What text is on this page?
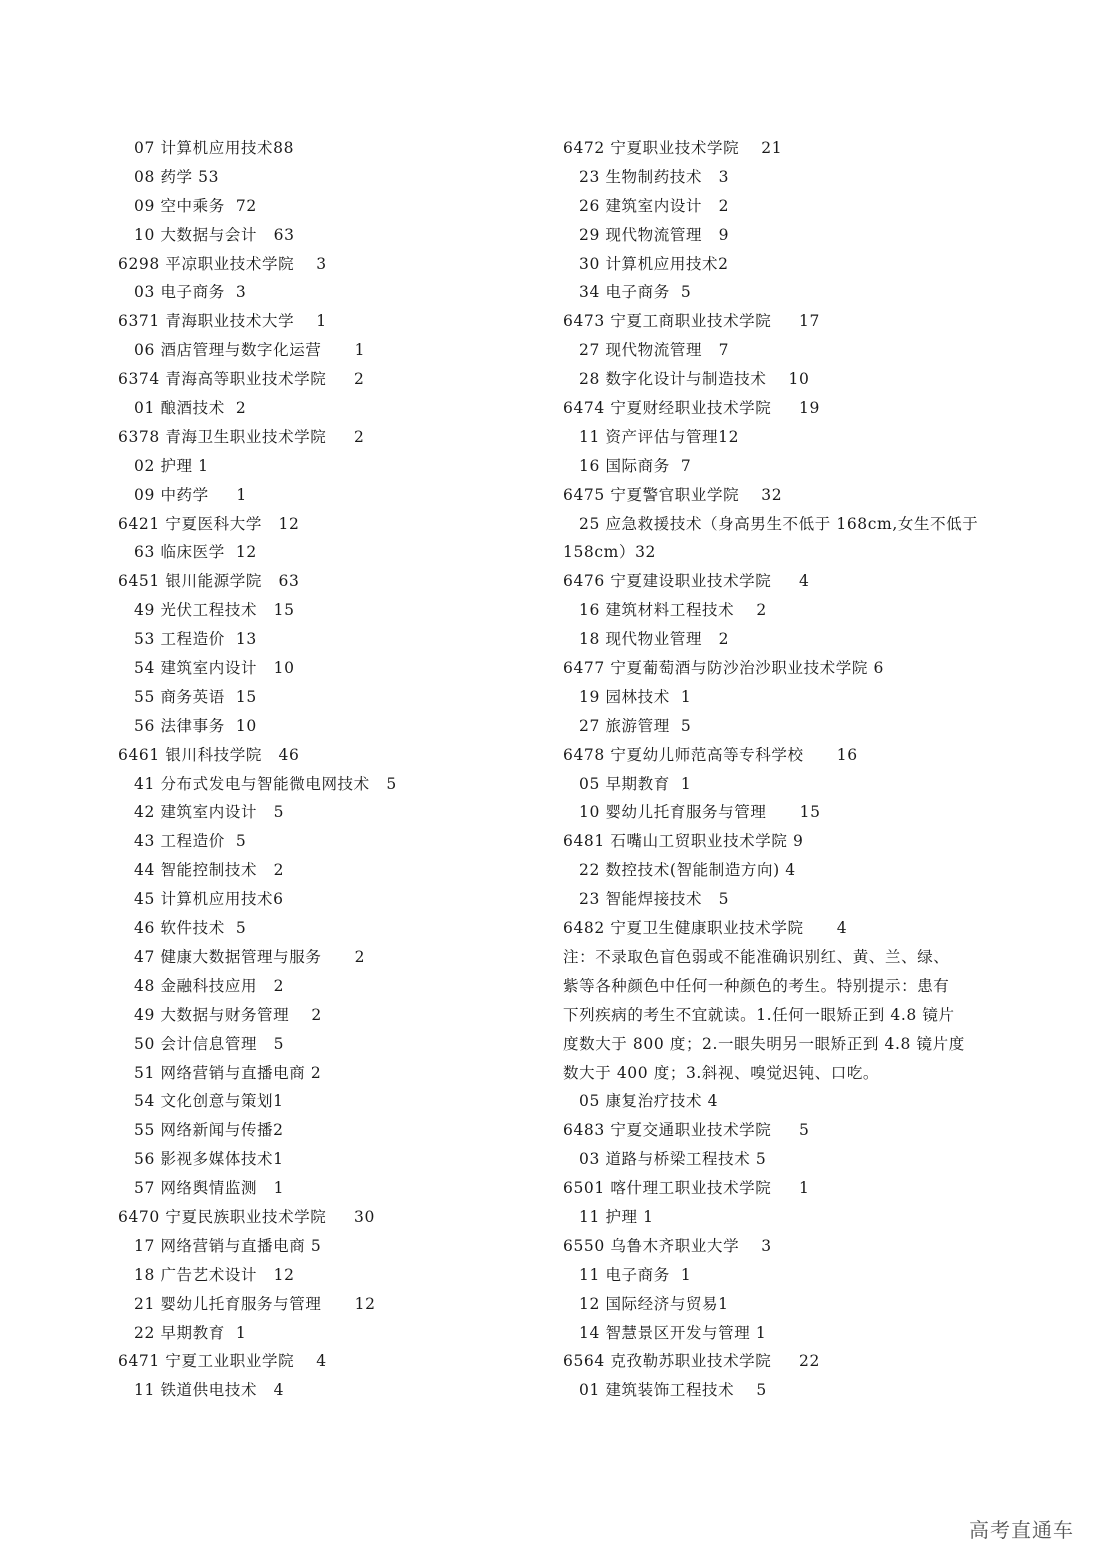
07 计算机应用技术88
08 药学 53
09 空中乘务  72
10 大数据与会计   63
6298 平凉职业技术学院    3
03 电子商务  3
6371 青海职业技术大学    1
06 酒店管理与数字化运营      1
6374 青海高等职业技术学院     2
01 酿酒技术  2
6378 青海卫生职业技术学院     2
02 护理 1
09 中药学     1
6421 宁夏医科大学   12
63 临床医学  12
6451 银川能源学院   63
49 光伏工程技术   15
53 工程造价  13
54 建筑室内设计   10
55 商务英语  15
56 法律事务  10
6461 银川科技学院   46
41 分布式发电与智能微电网技术   5
42 建筑室内设计   5
43 工程造价  5
44 智能控制技术   2
45 计算机应用技术6
46 软件技术  5
47 健康大数据管理与服务      2
48 金融科技应用   2
49 大数据与财务管理    2
50 会计信息管理   5
51 网络营销与直播电商 2
54 文化创意与策划1
55 网络新闻与传播2
56 影视多媒体技术1
57 网络舆情监测   1
6470 宁夏民族职业技术学院     30
17 网络营销与直播电商 5
18 广告艺术设计   12
21 婴幼儿托育服务与管理      12
22 早期教育  1
6471 宁夏工业职业学院    4
11 铁道供电技术   4
6472 宁夏职业技术学院    21
23 生物制药技术   3
26 建筑室内设计   2
29 现代物流管理   9
30 计算机应用技术2
34 电子商务  5
6473 宁夏工商职业技术学院     17
27 现代物流管理   7
28 数字化设计与制造技术    10
6474 宁夏财经职业技术学院     19
11 资产评估与管理12
16 国际商务  7
6475 宁夏警官职业学院    32
25 应急救援技术（身高男生不低于 168cm,女生不低于
158cm）32
6476 宁夏建设职业技术学院     4
16 建筑材料工程技术    2
18 现代物业管理   2
6477 宁夏葡萄酒与防沙治沙职业技术学院 6
19 园林技术  1
27 旅游管理  5
6478 宁夏幼儿师范高等专科学校      16
05 早期教育  1
10 婴幼儿托育服务与管理      15
6481 石嘴山工贸职业技术学院 9
22 数控技术(智能制造方向) 4
23 智能焊接技术   5
6482 宁夏卫生健康职业技术学院      4
注：不录取色盲色弱或不能准确识别红、黄、兰、绿、
紫等各种颜色中任何一种颜色的考生。特别提示：患有
下列疾病的考生不宜就读。1.任何一眼矫正到 4.8 镜片
度数大于 800 度；2.一眼失明另一眼矫正到 4.8 镜片度
数大于 400 度；3.斜视、嗅觉迟钝、口吃。
05 康复治疗技术 4
6483 宁夏交通职业技术学院     5
03 道路与桥梁工程技术 5
6501 喀什理工职业技术学院     1
11 护理 1
6550 乌鲁木齐职业大学    3
11 电子商务  1
12 国际经济与贸易1
14 智慧景区开发与管理 1
6564 克孜勒苏职业技术学院     22
01 建筑装饰工程技术    5
高考直通车
